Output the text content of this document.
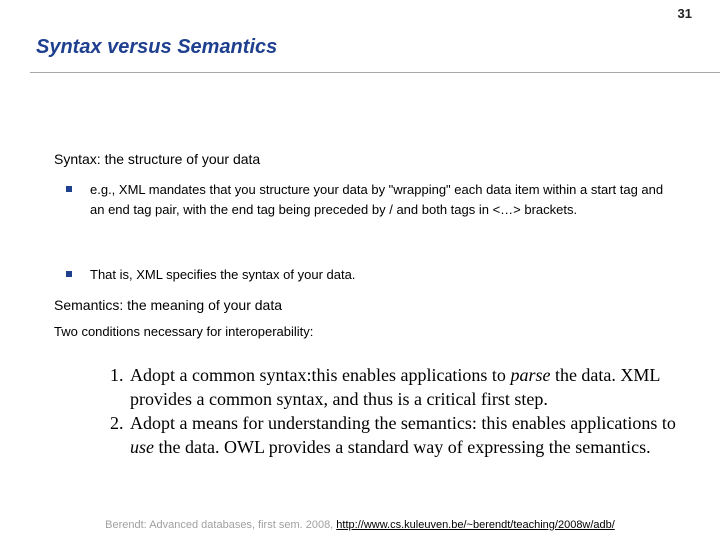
31
Syntax versus Semantics
Syntax: the structure of your data
e.g., XML mandates that you structure your data by "wrapping" each data item within a start tag and an end tag pair, with the end tag being preceded by / and both tags in <…> brackets.
That is, XML specifies the syntax of your data.
Semantics: the meaning of your data
Two conditions necessary for interoperability:
1. Adopt a common syntax:this enables applications to parse the data. XML provides a common syntax, and thus is a critical first step.
2. Adopt a means for understanding the semantics: this enables applications to use the data. OWL provides a standard way of expressing the semantics.
Berendt: Advanced databases, first sem. 2008, http://www.cs.kuleuven.be/~berendt/teaching/2008w/adb/
